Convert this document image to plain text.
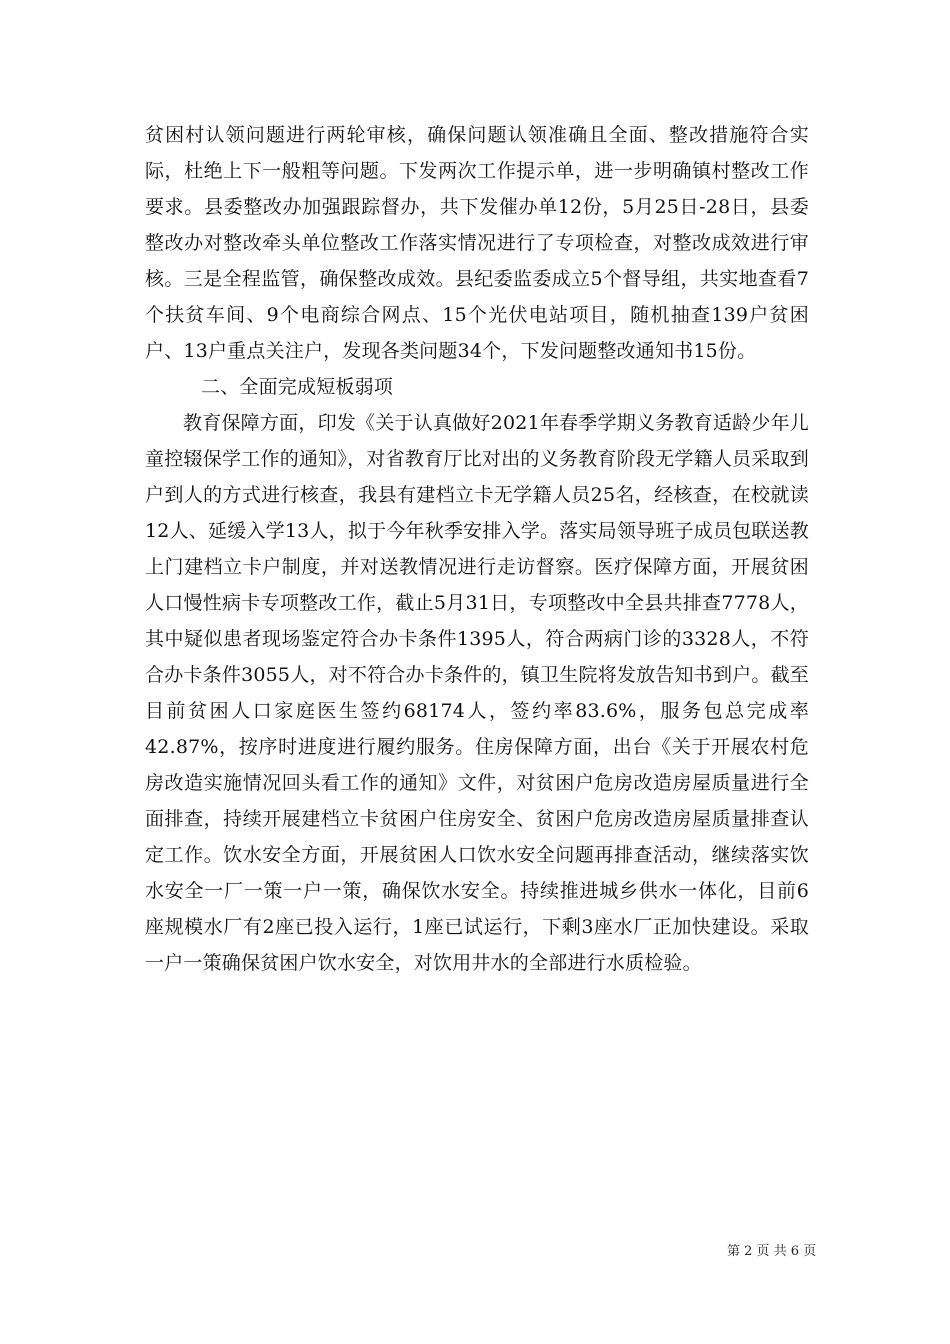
贫困村认领问题进行两轮审核，确保问题认领准确且全面、整改措施符合实际，杜绝上下一般粗等问题。下发两次工作提示单，进一步明确镇村整改工作要求。县委整改办加强跟踪督办，共下发催办单12份，5月25日-28日，县委整改办对整改牵头单位整改工作落实情况进行了专项检查，对整改成效进行审核。三是全程监管，确保整改成效。县纪委监委成立5个督导组，共实地查看7个扶贫车间、9个电商综合网点、15个光伏电站项目，随机抽查139户贫困户、13户重点关注户，发现各类问题34个，下发问题整改通知书15份。

二、全面完成短板弱项

教育保障方面，印发《关于认真做好2021年春季学期义务教育适龄少年儿童控辍保学工作的通知》，对省教育厅比对出的义务教育阶段无学籍人员采取到户到人的方式进行核查，我县有建档立卡无学籍人员25名，经核查，在校就读12人、延缓入学13人，拟于今年秋季安排入学。落实局领导班子成员包联送教上门建档立卡户制度，并对送教情况进行走访督察。医疗保障方面，开展贫困人口慢性病卡专项整改工作，截止5月31日，专项整改中全县共排查7778人，其中疑似患者现场鉴定符合办卡条件1395人，符合两病门诊的3328人，不符合办卡条件3055人，对不符合办卡条件的，镇卫生院将发放告知书到户。截至目前贫困人口家庭医生签约68174人，签约率83.6%，服务包总完成率42.87%，按序时进度进行履约服务。住房保障方面，出台《关于开展农村危房改造实施情况回头看工作的通知》文件，对贫困户危房改造房屋质量进行全面排查，持续开展建档立卡贫困户住房安全、贫困户危房改造房屋质量排查认定工作。饮水安全方面，开展贫困人口饮水安全问题再排查活动，继续落实饮水安全一厂一策一户一策，确保饮水安全。持续推进城乡供水一体化，目前6座规模水厂有2座已投入运行，1座已试运行，下剩3座水厂正加快建设。采取一户一策确保贫困户饮水安全，对饮用井水的全部进行水质检验。

第 2 页 共 6 页
